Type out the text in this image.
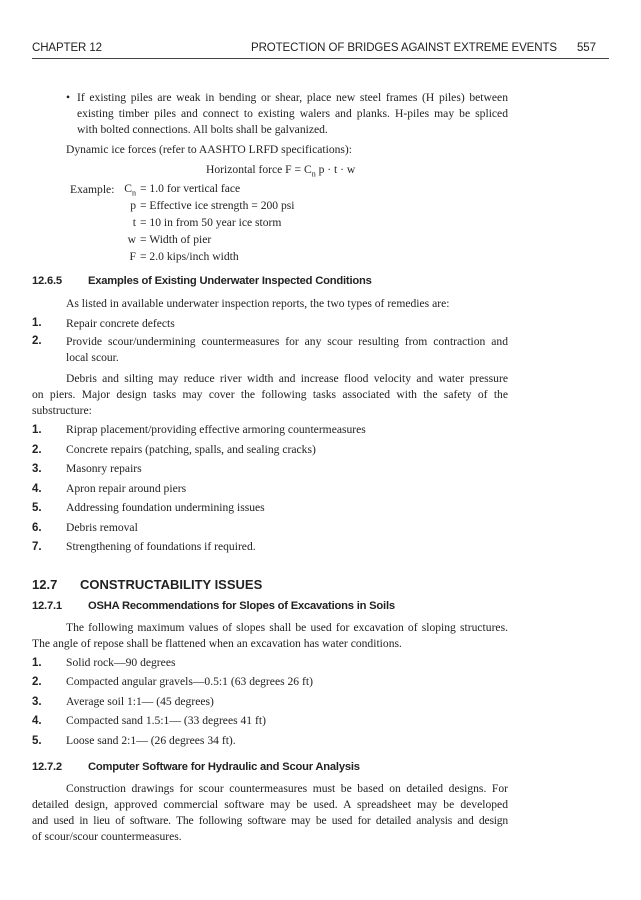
CHAPTER 12	PROTECTION OF BRIDGES AGAINST EXTREME EVENTS 557
• If existing piles are weak in bending or shear, place new steel frames (H piles) between
existing timber piles and connect to existing walers and planks. H-piles may be spliced
with bolted connections. All bolts shall be galvanized.
Dynamic ice forces (refer to AASHTO LRFD specifications):
Horizontal force $F = C_n$ p · t · w
Example: $C_n = 1.0$ for vertical face
p = Effective ice strength = 200 psi
t = 10 in from 50 year ice storm
w = Width of pier
F = 2.0 kips/inch width
12.6.5 Examples of Existing Underwater Inspected Conditions
As listed in available underwater inspection reports, the two types of remedies are:
1. Repair concrete defects
2. Provide scour/undermining countermeasures for any scour resulting from contraction and
local scour.
Debris and silting may reduce river width and increase flood velocity and water pressure
on piers. Major design tasks may cover the following tasks associated with the safety of the
substructure:
1. Riprap placement/providing effective armoring countermeasures
2. Concrete repairs (patching, spalls, and sealing cracks)
3. Masonry repairs
4. Apron repair around piers
5. Addressing foundation undermining issues
6. Debris removal
7. Strengthening of foundations if required.
12.7 CONSTRUCTABILITY ISSUES
12.7.1 OSHA Recommendations for Slopes of Excavations in Soils
The following maximum values of slopes shall be used for excavation of sloping structures.
The angle of repose shall be flattened when an excavation has water conditions.
1. Solid rock—90 degrees
2. Compacted angular gravels—0.5:1 (63 degrees 26 ft)
3. Average soil 1:1— (45 degrees)
4. Compacted sand 1.5:1— (33 degrees 41 ft)
5. Loose sand 2:1— (26 degrees 34 ft).
12.7.2 Computer Software for Hydraulic and Scour Analysis
Construction drawings for scour countermeasures must be based on detailed designs. For
detailed design, approved commercial software may be used. A spreadsheet may be developed
and used in lieu of software. The following software may be used for detailed analysis and design
of scour/scour countermeasures.
